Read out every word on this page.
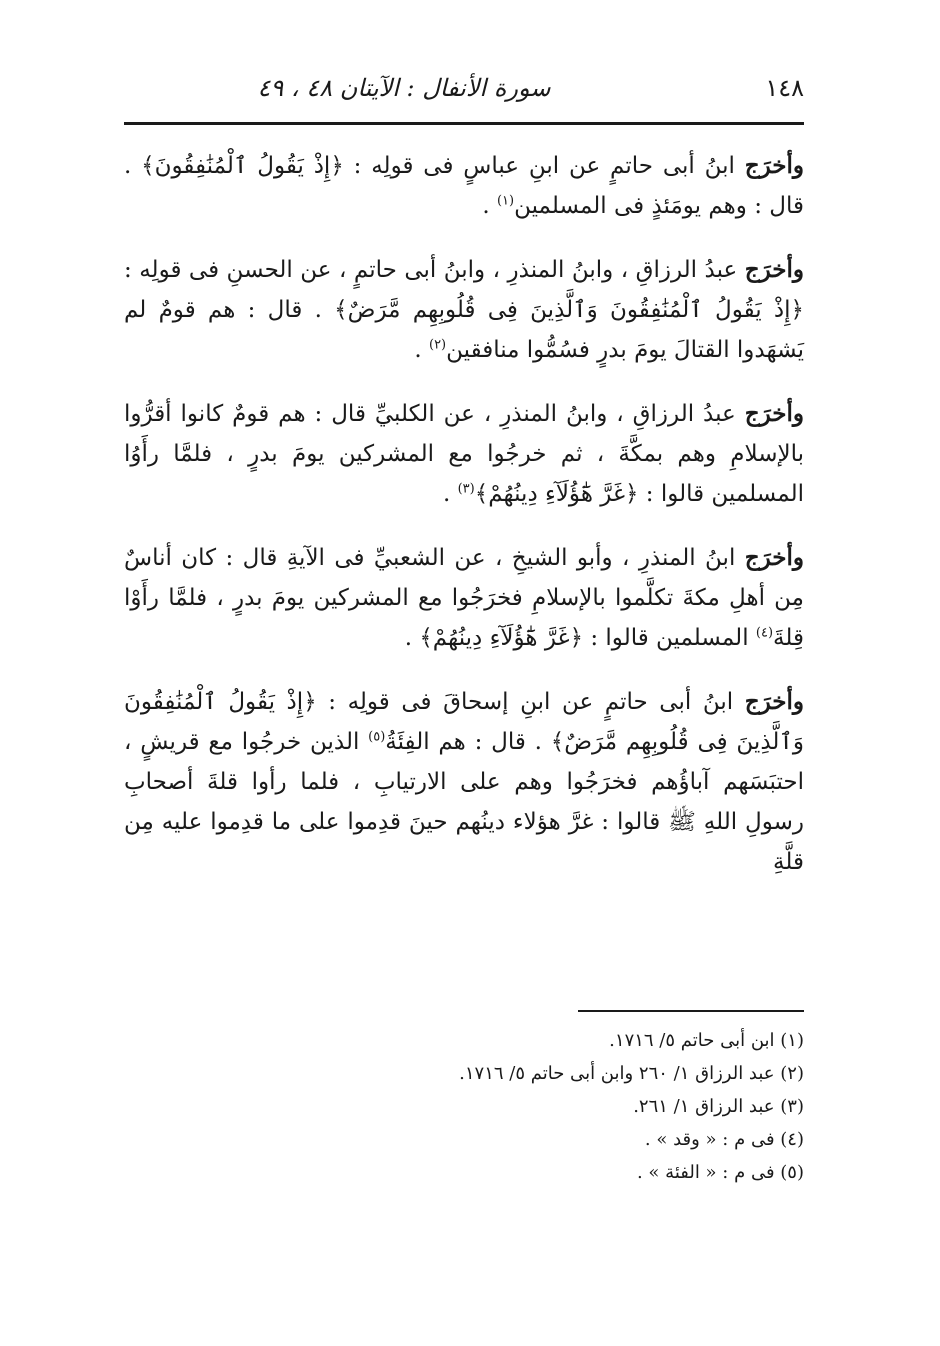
١٤٨
سورة الأنفال : الآيتان ٤٨ ، ٤٩

وأخرَج ابنُ أبى حاتمٍ عن ابنِ عباسٍ فى قولِه : ﴿إِذْ يَقُولُ ٱلْمُنَٰفِقُونَ﴾ . قال : وهم يومَئذٍ فى المسلمين$^{(١)}$ .

وأخرَج عبدُ الرزاقِ ، وابنُ المنذرِ ، وابنُ أبى حاتمٍ ، عن الحسنِ فى قولِه : ﴿إِذْ يَقُولُ ٱلْمُنَٰفِقُونَ وَٱلَّذِينَ فِى قُلُوبِهِم مَّرَضٌ﴾ . قال : هم قومٌ لم يَشهَدوا القتالَ يومَ بدرٍ فسُمُّوا منافقين$^{(٢)}$ .

وأخرَج عبدُ الرزاقِ ، وابنُ المنذرِ ، عن الكلبيِّ قال : هم قومٌ كانوا أقرُّوا بالإسلامِ وهم بمكَّةَ ، ثم خرجُوا مع المشركين يومَ بدرٍ ، فلمَّا رأَوُا المسلمين قالوا : ﴿غَرَّ هَٰٓؤُلَآءِ دِينُهُمْ﴾$^{(٣)}$ .

وأخرَج ابنُ المنذرِ ، وأبو الشيخِ ، عن الشعبيِّ فى الآيةِ قال : كان أناسٌ مِن أهلِ مكةَ تكلَّموا بالإسلامِ فخرَجُوا مع المشركين يومَ بدرٍ ، فلمَّا رأَوْا قِلةَ$^{(٤)}$ المسلمين قالوا : ﴿غَرَّ هَٰٓؤُلَآءِ دِينُهُمْ﴾ .

وأخرَج ابنُ أبى حاتمٍ عن ابنِ إسحاقَ فى قولِه : ﴿إِذْ يَقُولُ ٱلْمُنَٰفِقُونَ وَٱلَّذِينَ فِى قُلُوبِهِم مَّرَضٌ﴾ . قال : هم الفِئَةُ$^{(٥)}$ الذين خرجُوا مع قريشٍ ، احتبَسَهم آباؤُهم فخرَجُوا وهم على الارتيابِ ، فلما رأوا قلةَ أصحابِ رسولِ اللهِ ﷺ قالوا : غرَّ هؤلاء دينُهم حينَ قدِموا على ما قدِموا عليه مِن قلَّةِ

(١) ابن أبى حاتم ٥/ ١٧١٦.

(٢) عبد الرزاق ١/ ٢٦٠ وابن أبى حاتم ٥/ ١٧١٦.

(٣) عبد الرزاق ١/ ٢٦١.

(٤) فى م : « وقد » .

(٥) فى م : « الفئة » .
